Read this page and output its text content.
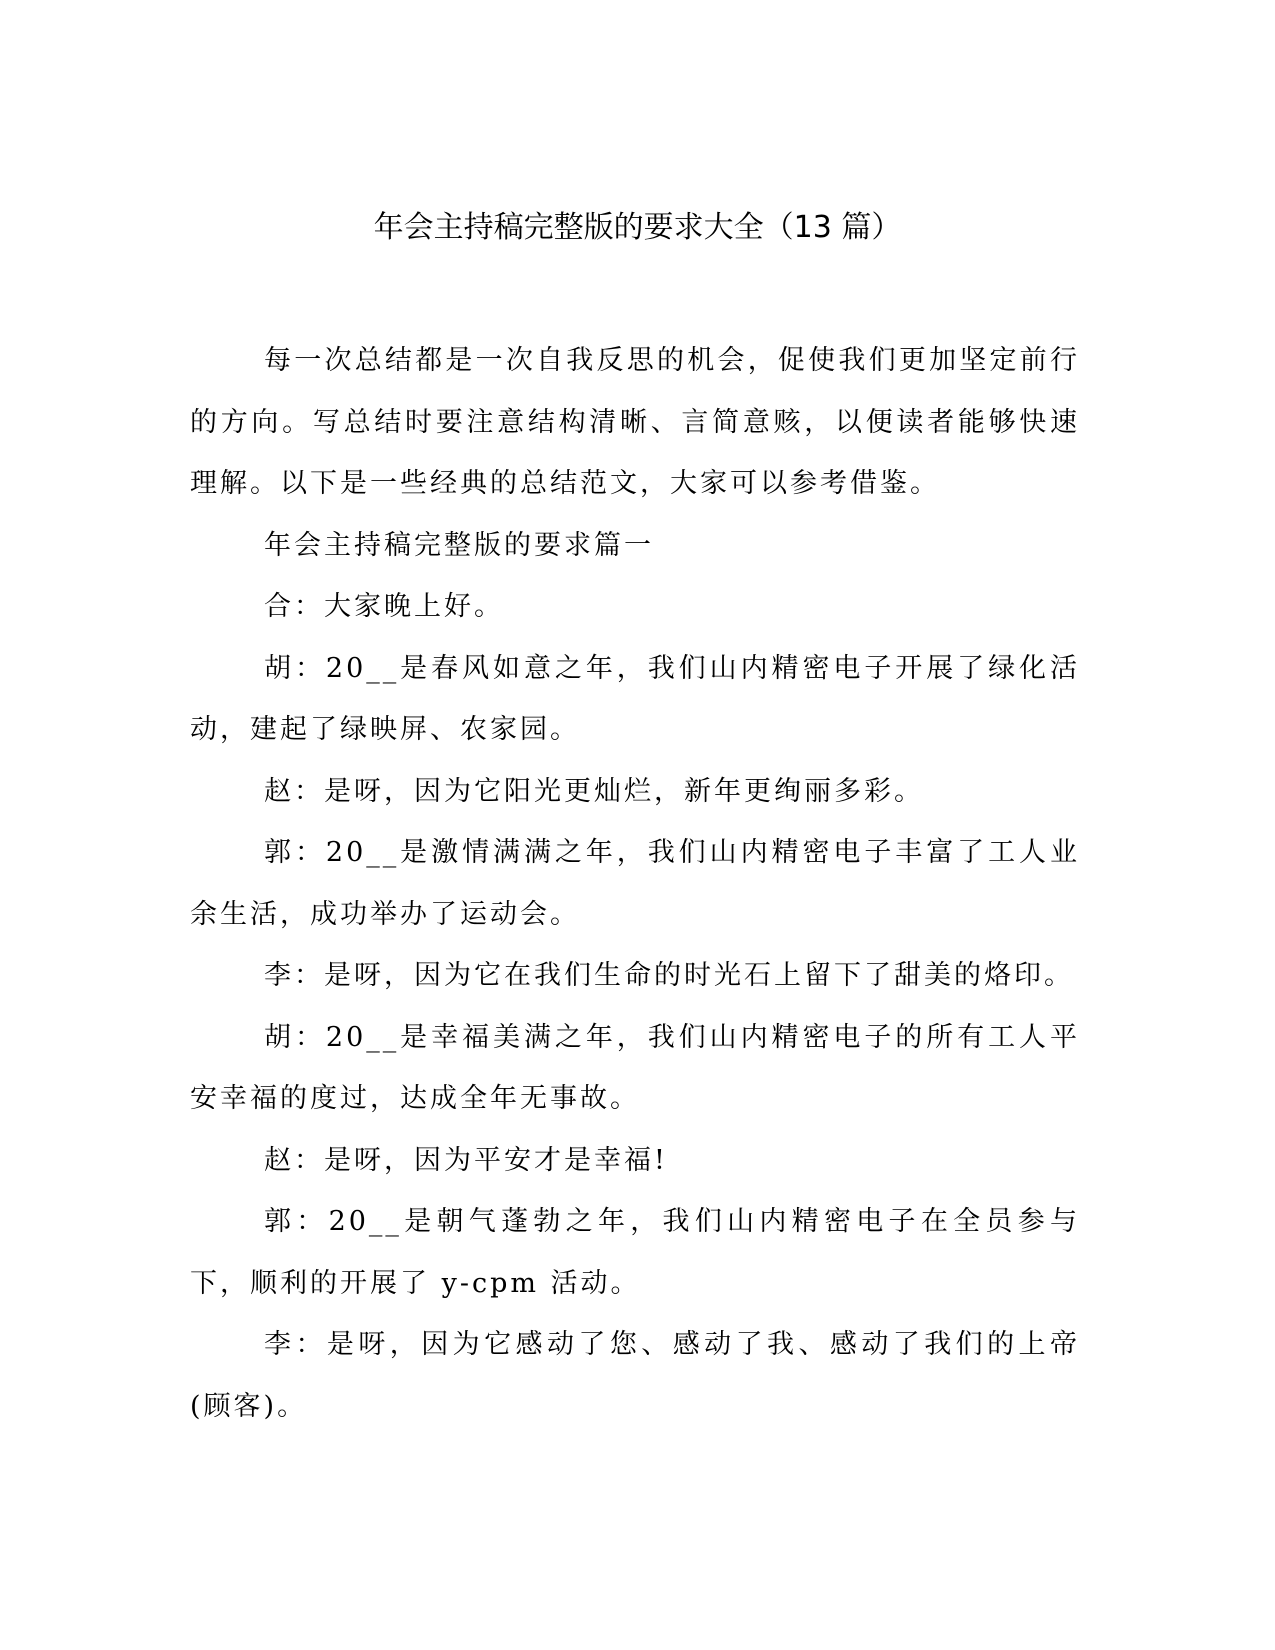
年会主持稿完整版的要求大全（13 篇）

每一次总结都是一次自我反思的机会，促使我们更加坚定前行的方向。写总结时要注意结构清晰、言简意赅，以便读者能够快速理解。以下是一些经典的总结范文，大家可以参考借鉴。

年会主持稿完整版的要求篇一

合：大家晚上好。

胡：20__是春风如意之年，我们山内精密电子开展了绿化活动，建起了绿映屏、农家园。

赵：是呀，因为它阳光更灿烂，新年更绚丽多彩。

郭：20__是激情满满之年，我们山内精密电子丰富了工人业余生活，成功举办了运动会。

李：是呀，因为它在我们生命的时光石上留下了甜美的烙印。

胡：20__是幸福美满之年，我们山内精密电子的所有工人平安幸福的度过，达成全年无事故。

赵：是呀，因为平安才是幸福!

郭：20__是朝气蓬勃之年，我们山内精密电子在全员参与下，顺利的开展了 y-cpm 活动。

李：是呀，因为它感动了您、感动了我、感动了我们的上帝(顾客)。
